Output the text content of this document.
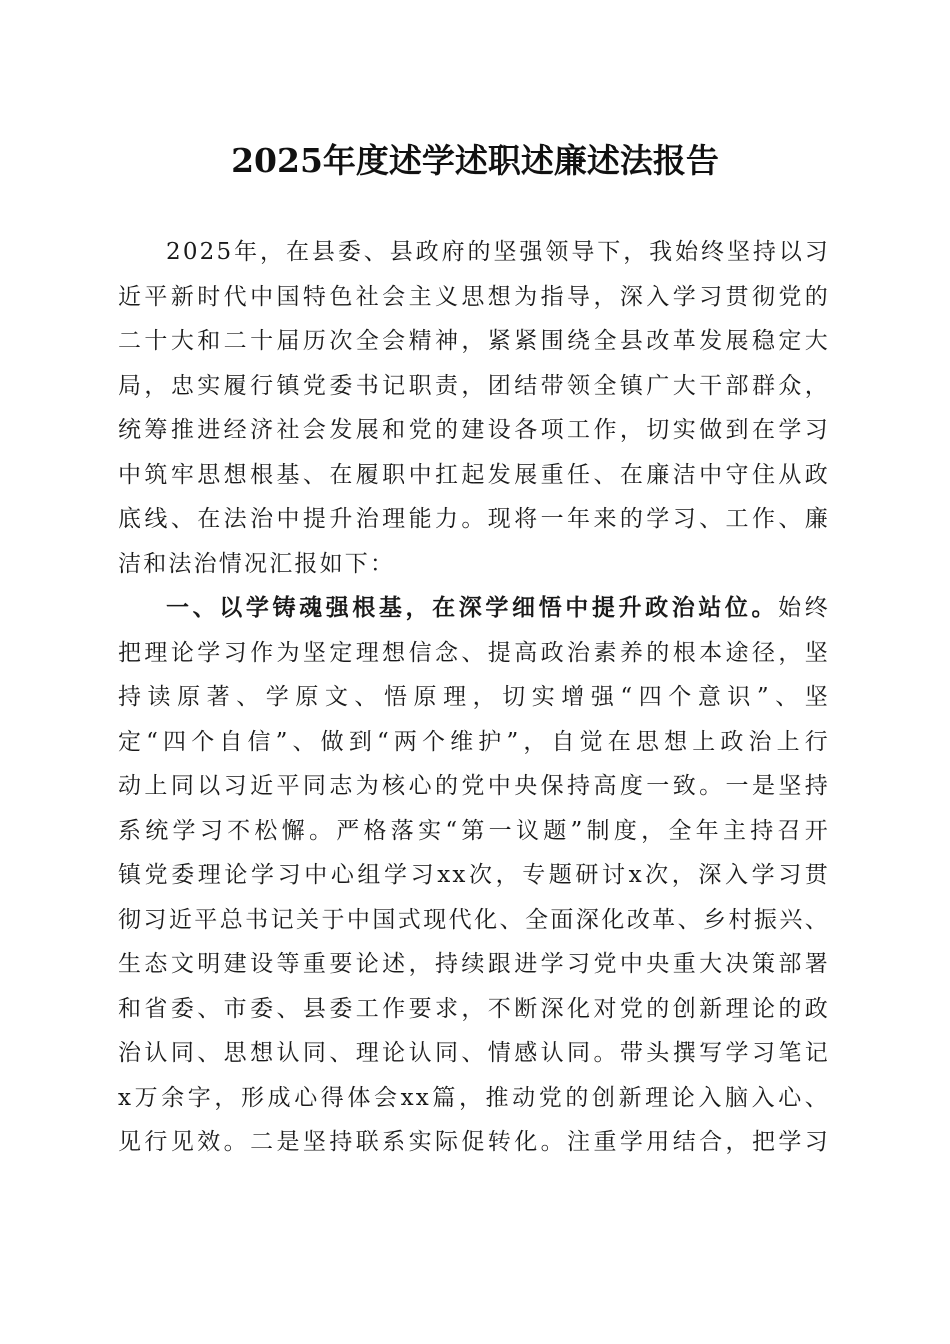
2025年度述学述职述廉述法报告
2025年，在县委、县政府的坚强领导下，我始终坚持以习
近平新时代中国特色社会主义思想为指导，深入学习贯彻党的
二十大和二十届历次全会精神，紧紧围绕全县改革发展稳定大
局，忠实履行镇党委书记职责，团结带领全镇广大干部群众，
统筹推进经济社会发展和党的建设各项工作，切实做到在学习
中筑牢思想根基、在履职中扛起发展重任、在廉洁中守住从政
底线、在法治中提升治理能力。现将一年来的学习、工作、廉
洁和法治情况汇报如下：
一、以学铸魂强根基，在深学细悟中提升政治站位。始终
把理论学习作为坚定理想信念、提高政治素养的根本途径，坚
持读原著、学原文、悟原理，切实增强“四个意识”、坚
定“四个自信”、做到“两个维护”，自觉在思想上政治上行
动上同以习近平同志为核心的党中央保持高度一致。一是坚持
系统学习不松懈。严格落实“第一议题”制度，全年主持召开
镇党委理论学习中心组学习xx次，专题研讨x次，深入学习贯
彻习近平总书记关于中国式现代化、全面深化改革、乡村振兴、
生态文明建设等重要论述，持续跟进学习党中央重大决策部署
和省委、市委、县委工作要求，不断深化对党的创新理论的政
治认同、思想认同、理论认同、情感认同。带头撰写学习笔记
x万余字，形成心得体会xx篇，推动党的创新理论入脑入心、
见行见效。二是坚持联系实际促转化。注重学用结合，把学习
